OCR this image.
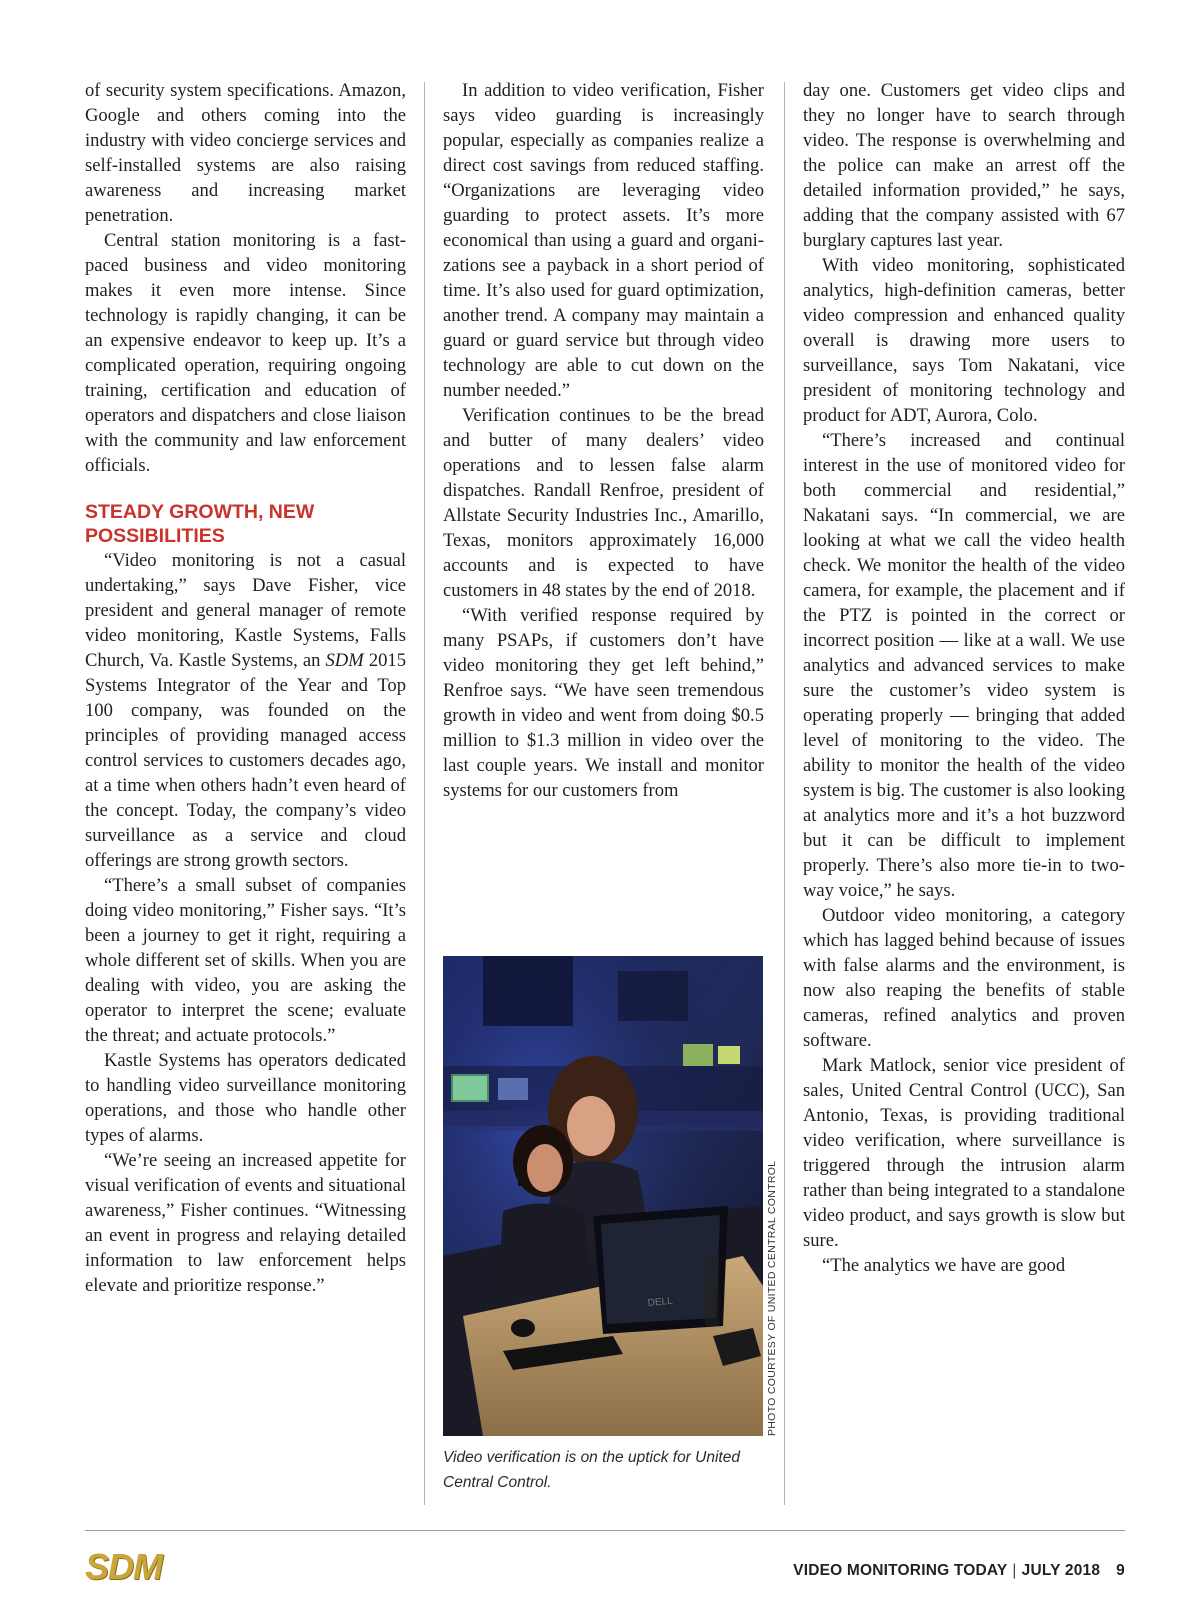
of security system specifications. Amazon, Google and others coming into the industry with video concierge services and self-installed systems are also raising awareness and increasing market penetration.

Central station monitoring is a fast-paced business and video monitoring makes it even more intense. Since technology is rapidly changing, it can be an expensive endeavor to keep up. It’s a complicated operation, requiring ongoing training, certification and education of operators and dispatchers and close liaison with the community and law enforcement officials.

STEADY GROWTH, NEW POSSIBILITIES

“Video monitoring is not a casual undertaking,” says Dave Fisher, vice president and general manager of remote video monitoring, Kastle Systems, Falls Church, Va. Kastle Systems, an SDM 2015 Systems Integrator of the Year and Top 100 company, was founded on the principles of providing managed access control services to customers decades ago, at a time when others hadn’t even heard of the concept. Today, the company’s video surveillance as a service and cloud offerings are strong growth sectors.

“There’s a small subset of companies doing video monitoring,” Fisher says. “It’s been a journey to get it right, requiring a whole different set of skills. When you are dealing with video, you are asking the operator to interpret the scene; evaluate the threat; and actuate protocols.”

Kastle Systems has operators dedicated to handling video surveillance monitoring operations, and those who handle other types of alarms.

“We’re seeing an increased appetite for visual verification of events and situational awareness,” Fisher continues. “Witnessing an event in progress and relaying detailed information to law enforcement helps elevate and prioritize response.”

In addition to video verification, Fisher says video guarding is increasingly popular, especially as companies realize a direct cost savings from reduced staffing. “Organizations are leveraging video guarding to protect assets. It’s more economical than using a guard and organizations see a payback in a short period of time. It’s also used for guard optimization, another trend. A company may maintain a guard or guard service but through video technology are able to cut down on the number needed.”

Verification continues to be the bread and butter of many dealers’ video operations and to lessen false alarm dispatches. Randall Renfroe, president of Allstate Security Industries Inc., Amarillo, Texas, monitors approximately 16,000 accounts and is expected to have customers in 48 states by the end of 2018.

“With verified response required by many PSAPs, if customers don’t have video monitoring they get left behind,” Renfroe says. “We have seen tremendous growth in video and went from doing $0.5 million to $1.3 million in video over the last couple years. We install and monitor systems for our customers from

DELL	PHOTO COURTESY OF UNITED CENTRAL CONTROL
Video verification is on the uptick for United Central Control.

day one. Customers get video clips and they no longer have to search through video. The response is overwhelming and the police can make an arrest off the detailed information provided,” he says, adding that the company assisted with 67 burglary captures last year.

With video monitoring, sophisticated analytics, high-definition cameras, better video compression and enhanced quality overall is drawing more users to surveillance, says Tom Nakatani, vice president of monitoring technology and product for ADT, Aurora, Colo.

“There’s increased and continual interest in the use of monitored video for both commercial and residential,” Nakatani says. “In commercial, we are looking at what we call the video health check. We monitor the health of the video camera, for example, the placement and if the PTZ is pointed in the correct or incorrect position — like at a wall. We use analytics and advanced services to make sure the customer’s video system is operating properly — bringing that added level of monitoring to the video. The ability to monitor the health of the video system is big. The customer is also looking at analytics more and it’s a hot buzzword but it can be difficult to implement properly. There’s also more tie-in to two-way voice,” he says.

Outdoor video monitoring, a category which has lagged behind because of issues with false alarms and the environment, is now also reaping the benefits of stable cameras, refined analytics and proven software.

Mark Matlock, senior vice president of sales, United Central Control (UCC), San Antonio, Texas, is providing traditional video verification, where surveillance is triggered through the intrusion alarm rather than being integrated to a standalone video product, and says growth is slow but sure.

“The analytics we have are good

SDM	VIDEO MONITORING TODAY | JULY 2018 9
